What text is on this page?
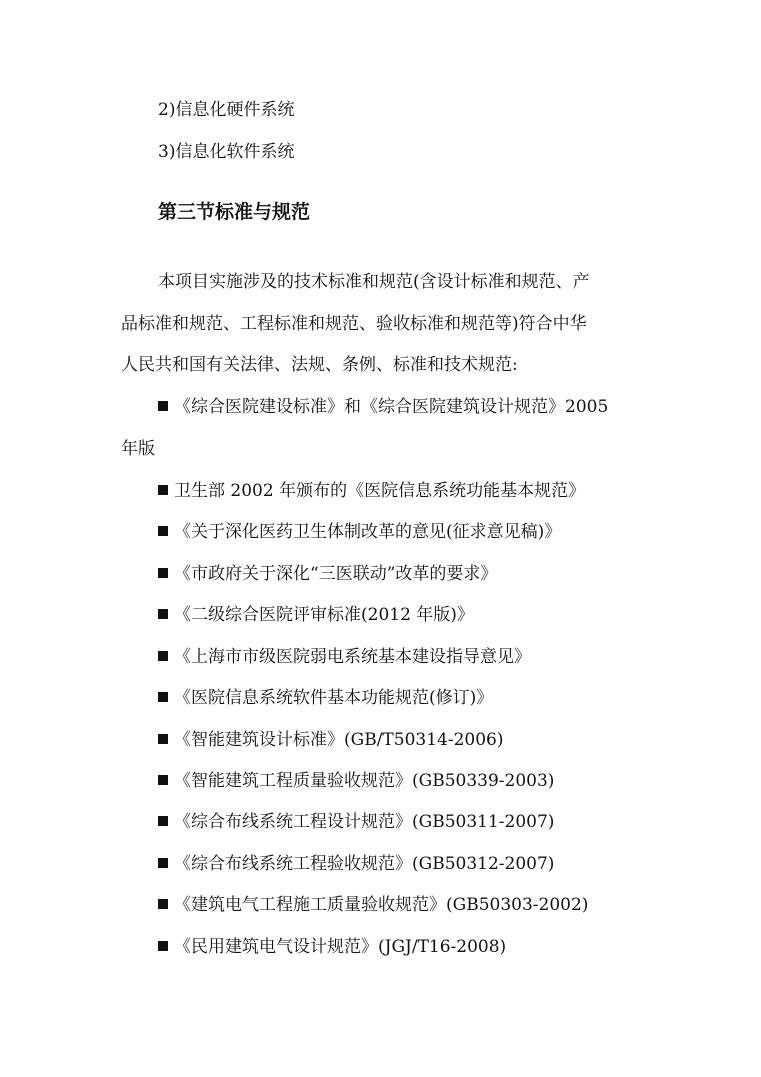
2)信息化硬件系统
3)信息化软件系统
第三节标准与规范
本项目实施涉及的技术标准和规范(含设计标准和规范、产
品标准和规范、工程标准和规范、验收标准和规范等)符合中华
人民共和国有关法律、法规、条例、标准和技术规范:
《综合医院建设标准》和《综合医院建筑设计规范》2005
年版
卫生部 2002 年颁布的《医院信息系统功能基本规范》
《关于深化医药卫生体制改革的意见(征求意见稿)》
《市政府关于深化“三医联动”改革的要求》
《二级综合医院评审标准(2012 年版)》
《上海市市级医院弱电系统基本建设指导意见》
《医院信息系统软件基本功能规范(修订)》
《智能建筑设计标准》(GB/T50314-2006)
《智能建筑工程质量验收规范》(GB50339-2003)
《综合布线系统工程设计规范》(GB50311-2007)
《综合布线系统工程验收规范》(GB50312-2007)
《建筑电气工程施工质量验收规范》(GB50303-2002)
《民用建筑电气设计规范》(JGJ/T16-2008)
